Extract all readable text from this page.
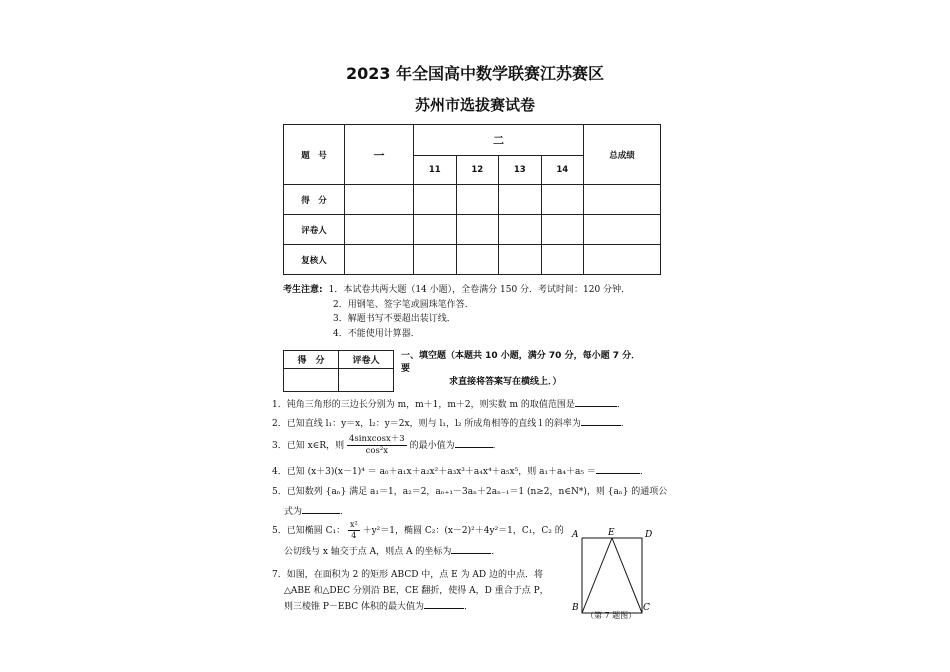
2023 年全国高中数学联赛江苏赛区
苏州市选拔赛试卷
题　号	一	二				总成绩
		11	12	13	14	
得　分						
评卷人						
复核人						
考生注意: 1．本试卷共两大题（14 小题），全卷满分 150 分．考试时间：120 分钟．
2．用钢笔、签字笔或圆珠笔作答．
3．解题书写不要超出装订线．
4．不能使用计算器．
得　分	评卷人
	一、填空题（本题共 10 小题，满分 70 分，每小题 7 分．要
求直接将答案写在横线上．）
1．钝角三角形的三边长分别为 m，m＋1，m＋2，则实数 m 的取值范围是	．
2．已知直线 l₁：y＝x，l₂：y＝2x，则与 l₁，l₂ 所成角相等的直线 l 的斜率为	．
3．已知 x∈R，则 $\frac{\text{4sinxcosx＋3}}{\text{cos²x}}$ 的最小值为	．
4．已知 (x＋3)(x－1)⁴ ＝ a₀＋a₁x＋a₂x²＋a₃x³＋a₄x⁴＋a₅x⁵，则 a₁＋a₄＋a₅ ＝	．
5．已知数列 {aₙ} 满足 a₁＝1，a₂＝2，aₙ₊₁－3aₙ＋2aₙ₋₁＝1 (n≥2，n∈N*)，则 {aₙ} 的通项公
式为	．
5．已知椭圆 C₁： $\frac{\text{x²}}{4} +y^2=1$，椭圆 C₂：(x－2)²＋4y²＝1，C₁，C₂ 的
公切线与 x 轴交于点 A，则点 A 的坐标为	．
7．如图，在面积为 2 的矩形 ABCD 中，点 E 为 AD 边的中点．将
△ABE 和△DEC 分别沿 BE，CE 翻折，使得 A，D 重合于点 P，
则三棱锥 P－EBC 体积的最大值为	．
A	E	D
B	C
（第 7 题图）
